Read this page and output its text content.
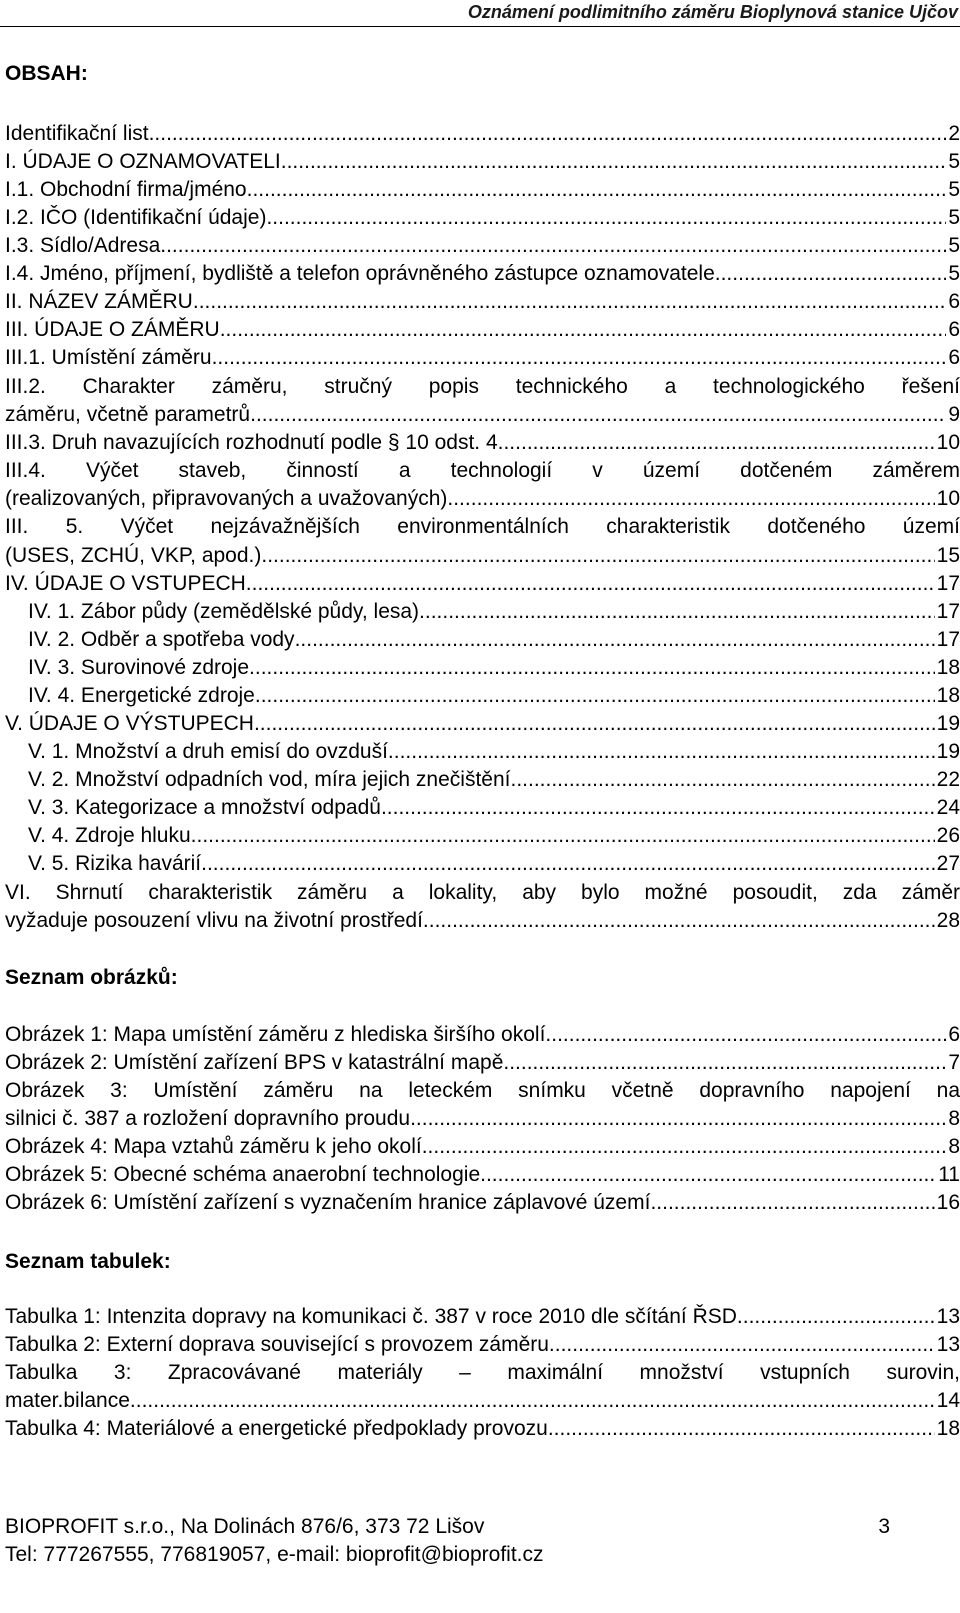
Oznámení podlimitního záměru Bioplynová stanice Ujčov
OBSAH:
Identifikační list .....	2
I. ÚDAJE O OZNAMOVATELI .....	5
I.1. Obchodní firma/jméno .....	5
I.2. IČO (Identifikační údaje) .....	5
I.3. Sídlo/Adresa .....	5
I.4. Jméno, příjmení, bydliště a telefon oprávněného zástupce oznamovatele .....	5
II. NÁZEV ZÁMĚRU .....	6
III. ÚDAJE O ZÁMĚRU .....	6
III.1. Umístění záměru .....	6
III.2. Charakter záměru, stručný popis technického a technologického řešení
záměru, včetně parametrů .....	9
III.3. Druh navazujících rozhodnutí podle § 10 odst. 4 .....	10
III.4. Výčet staveb, činností a technologií v území dotčeném záměrem
(realizovaných, připravovaných a uvažovaných) .....	10
III. 5. Výčet nejzávažnějších environmentálních charakteristik dotčeného území
(USES, ZCHÚ, VKP, apod.) .....	15
IV. ÚDAJE O VSTUPECH .....	17
IV. 1. Zábor půdy (zemědělské půdy, lesa) .....	17
IV. 2. Odběr a spotřeba vody .....	17
IV. 3. Surovinové zdroje .....	18
IV. 4. Energetické zdroje .....	18
V. ÚDAJE O VÝSTUPECH .....	19
V. 1. Množství a druh emisí do ovzduší .....	19
V. 2. Množství odpadních vod, míra jejich znečištění .....	22
V. 3. Kategorizace a množství odpadů .....	24
V. 4. Zdroje hluku .....	26
V. 5. Rizika havárií .....	27
VI. Shrnutí charakteristik záměru a lokality, aby bylo možné posoudit, zda záměr
vyžaduje posouzení vlivu na životní prostředí .....	28
Seznam obrázků:
Obrázek 1: Mapa umístění záměru z hlediska širšího okolí .....	6
Obrázek 2: Umístění zařízení BPS v katastrální mapě .....	7
Obrázek 3: Umístění záměru na leteckém snímku včetně dopravního napojení na
silnici č. 387 a rozložení dopravního proudu .....	8
Obrázek 4: Mapa vztahů záměru k jeho okolí .....	8
Obrázek 5: Obecné schéma anaerobní technologie .....	11
Obrázek 6: Umístění zařízení s vyznačením hranice záplavové území .....	16
Seznam tabulek:
Tabulka 1: Intenzita dopravy na komunikaci č. 387 v roce 2010 dle sčítání ŘSD .....	13
Tabulka 2: Externí doprava související s provozem záměru .....	13
Tabulka 3: Zpracovávané materiály – maximální množství vstupních surovin,
mater.bilance .....	14
Tabulka 4: Materiálové a energetické předpoklady provozu .....	18
BIOPROFIT s.r.o., Na Dolinách 876/6, 373 72 Lišov	3
Tel: 777267555, 776819057, e-mail: bioprofit@bioprofit.cz
